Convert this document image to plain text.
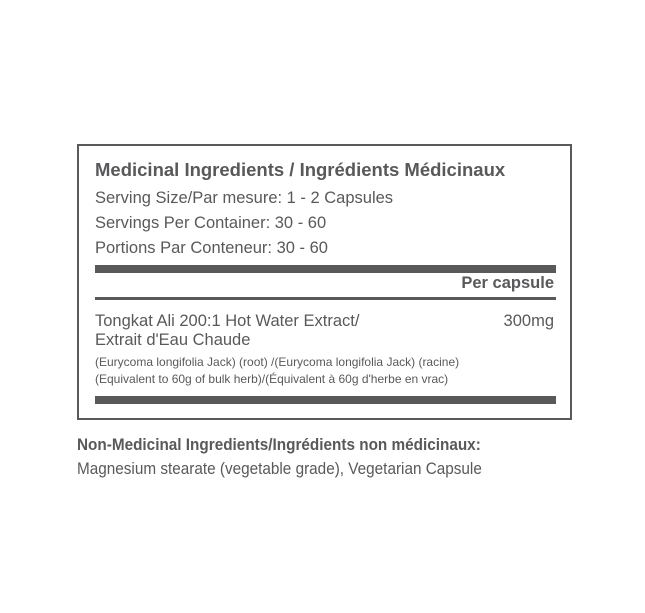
Medicinal Ingredients / Ingrédients Médicinaux
Serving Size/Par mesure: 1 - 2 Capsules
Servings Per Container: 30 - 60
Portions Par Conteneur: 30 - 60
Per capsule
Tongkat Ali 200:1 Hot Water Extract/
Extrait d'Eau Chaude
300mg
(Eurycoma longifolia Jack) (root) /(Eurycoma longifolia Jack) (racine)
(Equivalent to 60g of bulk herb)/(Équivalent à 60g d'herbe en vrac)
Non-Medicinal Ingredients/Ingrédients non médicinaux:
Magnesium stearate (vegetable grade), Vegetarian Capsule
